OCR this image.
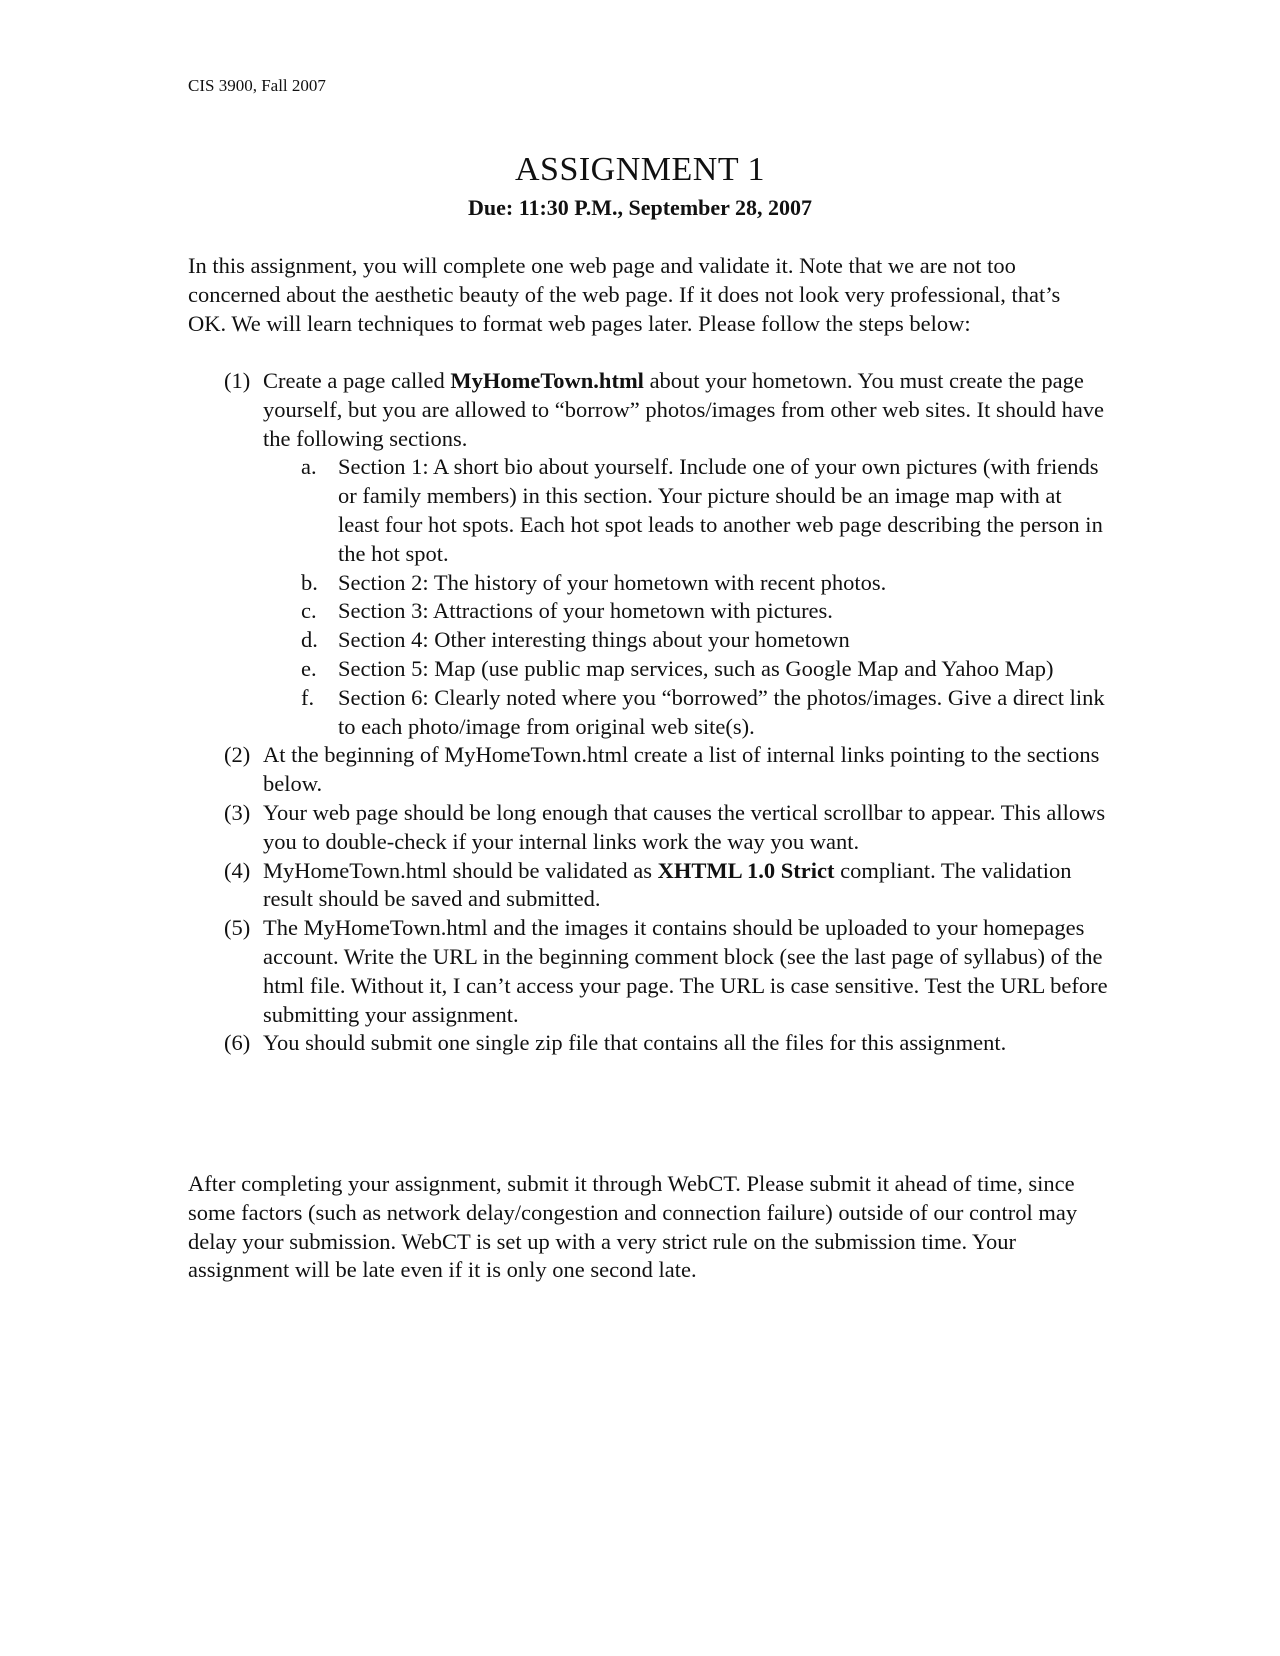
CIS 3900, Fall 2007
ASSIGNMENT 1
Due: 11:30 P.M., September 28, 2007
In this assignment, you will complete one web page and validate it. Note that we are not too concerned about the aesthetic beauty of the web page. If it does not look very professional, that’s OK. We will learn techniques to format web pages later. Please follow the steps below:
(1) Create a page called MyHomeTown.html about your hometown. You must create the page yourself, but you are allowed to “borrow” photos/images from other web sites. It should have the following sections.
a. Section 1: A short bio about yourself. Include one of your own pictures (with friends or family members) in this section. Your picture should be an image map with at least four hot spots. Each hot spot leads to another web page describing the person in the hot spot.
b. Section 2: The history of your hometown with recent photos.
c. Section 3: Attractions of your hometown with pictures.
d. Section 4: Other interesting things about your hometown
e. Section 5: Map (use public map services, such as Google Map and Yahoo Map)
f. Section 6: Clearly noted where you “borrowed” the photos/images. Give a direct link to each photo/image from original web site(s).
(2) At the beginning of MyHomeTown.html create a list of internal links pointing to the sections below.
(3) Your web page should be long enough that causes the vertical scrollbar to appear. This allows you to double-check if your internal links work the way you want.
(4) MyHomeTown.html should be validated as XHTML 1.0 Strict compliant. The validation result should be saved and submitted.
(5) The MyHomeTown.html and the images it contains should be uploaded to your homepages account. Write the URL in the beginning comment block (see the last page of syllabus) of the html file. Without it, I can’t access your page. The URL is case sensitive. Test the URL before submitting your assignment.
(6) You should submit one single zip file that contains all the files for this assignment.
After completing your assignment, submit it through WebCT. Please submit it ahead of time, since some factors (such as network delay/congestion and connection failure) outside of our control may delay your submission. WebCT is set up with a very strict rule on the submission time. Your assignment will be late even if it is only one second late.
